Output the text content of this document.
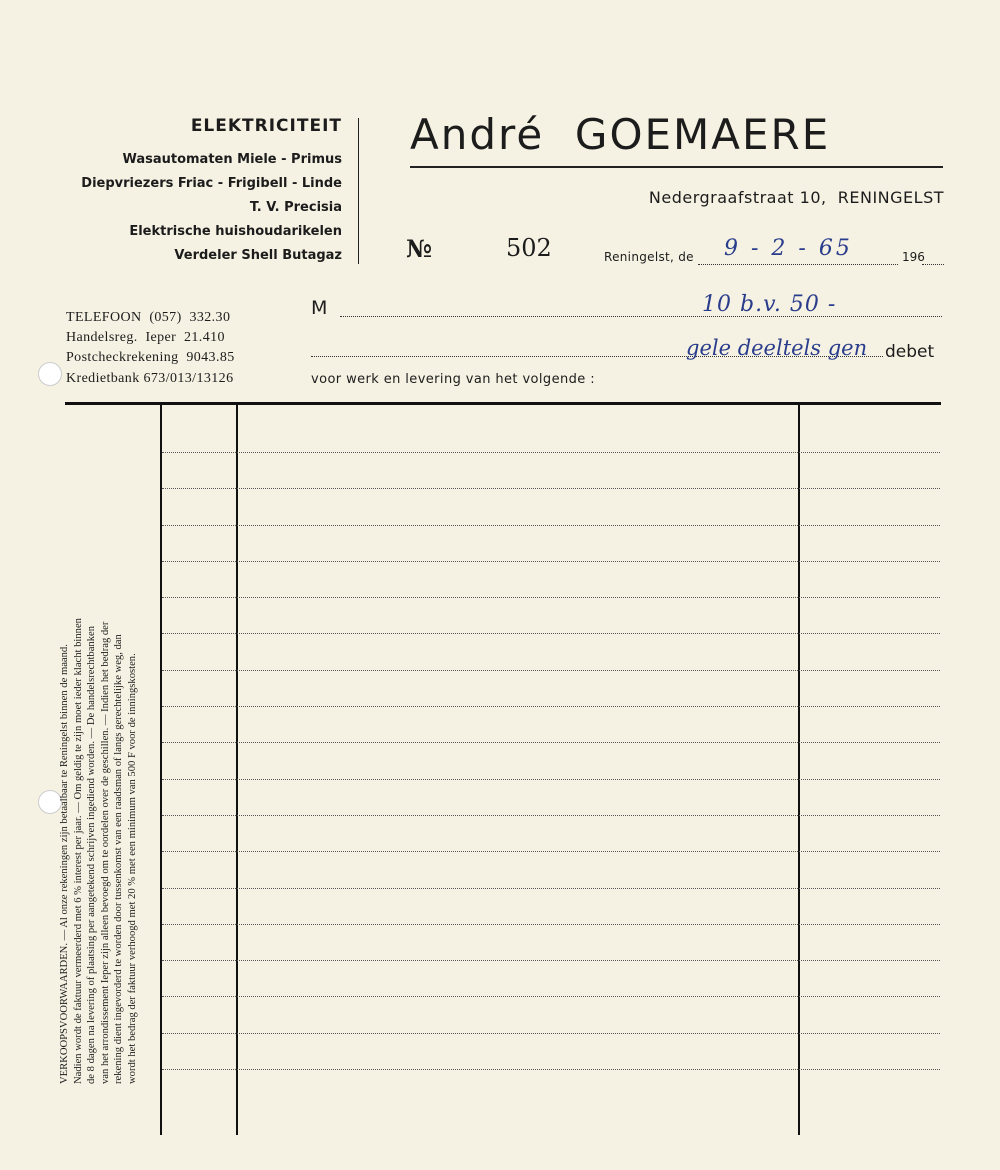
ELEKTRICITEIT
Wasautomaten Miele - Primus
Diepvriezers Friac - Frigibell - Linde
T. V. Precisia
Elektrische huishoudarikelen
Verdeler Shell Butagaz
André  GOEMAERE
Nedergraafstraat 10,  RENINGELST
№	502	Reningelst, de 9 - 2 - 65	196
TELEFOON  (057)  332.30
Handelsreg.  Ieper  21.410
Postcheckrekening  9043.85
Kredietbank 673/013/13126
M	10 b.v. 50 -
gele deeltels gen debet
voor werk en levering van het volgende :
VERKOOPSVOORWAARDEN. — Al onze rekeningen zijn betaalbaar te Reningelst binnen de maand. Nadien wordt de faktuur vermeerderd met 6 % interest per jaar. — Om geldig te zijn moet ieder klacht binnen de 8 dagen na levering of plaatsing per aangetekend schrijven ingediend worden. — De handelsrechtbanken van het arrondissement Ieper zijn alleen bevoegd om te oordelen over de geschillen. — Indien het bedrag der rekening dient ingevorderd te worden door tussenkomst van een raadsman of langs gerechtelijke weg, dan wordt het bedrag der faktuur verhoogd met 20 % met een minimum van 500 F voor de inningskosten.
